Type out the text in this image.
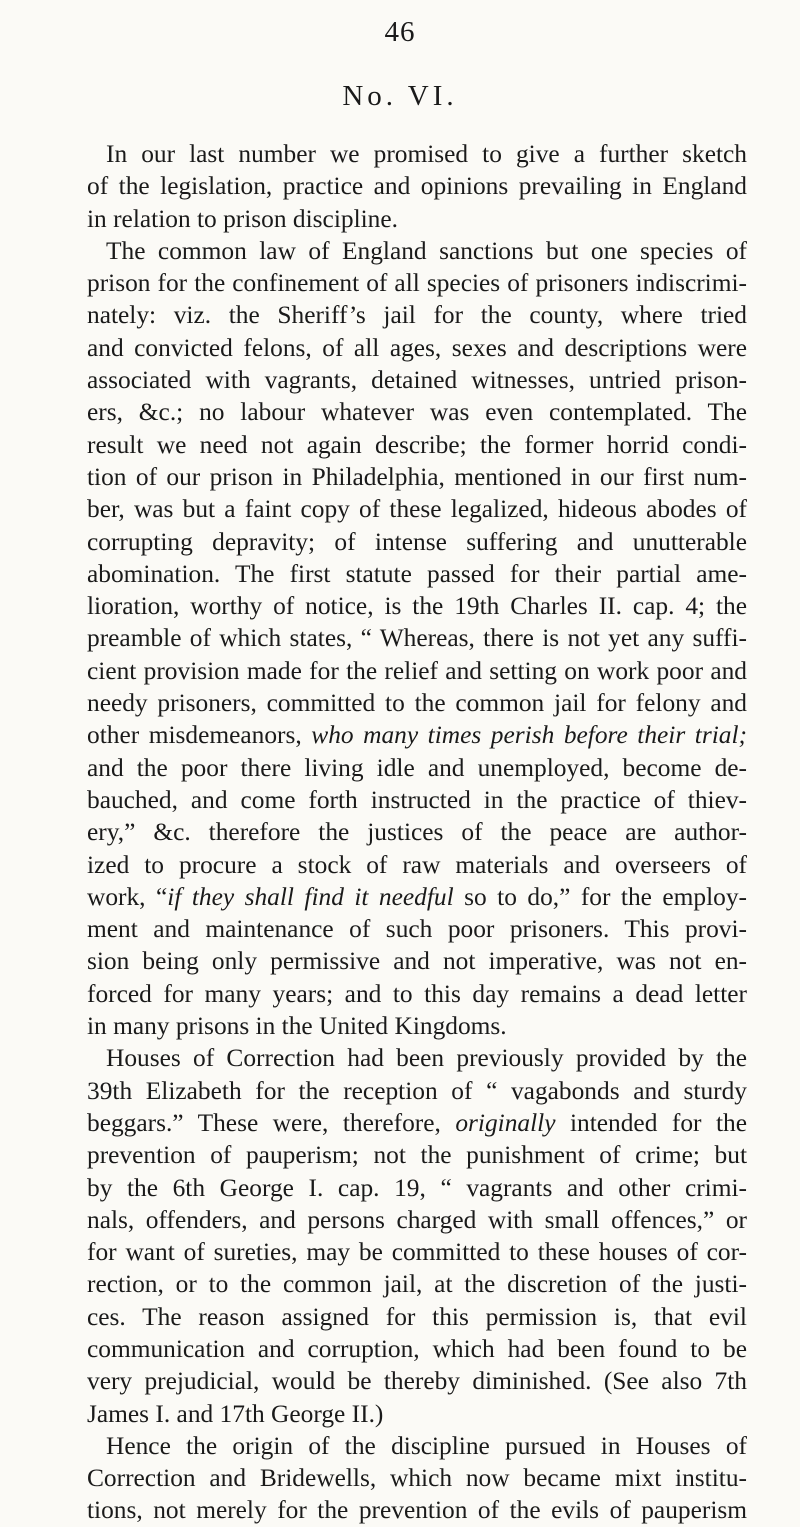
46
No. VI.
In our last number we promised to give a further sketch
of the legislation, practice and opinions prevailing in England
in relation to prison discipline.
The common law of England sanctions but one species of
prison for the confinement of all species of prisoners indiscrimi-
nately: viz. the Sheriff’s jail for the county, where tried
and convicted felons, of all ages, sexes and descriptions were
associated with vagrants, detained witnesses, untried prison-
ers, &c.; no labour whatever was even contemplated. The
result we need not again describe; the former horrid condi-
tion of our prison in Philadelphia, mentioned in our first num-
ber, was but a faint copy of these legalized, hideous abodes of
corrupting depravity; of intense suffering and unutterable
abomination. The first statute passed for their partial ame-
lioration, worthy of notice, is the 19th Charles II. cap. 4; the
preamble of which states, “ Whereas, there is not yet any suffi-
cient provision made for the relief and setting on work poor and
needy prisoners, committed to the common jail for felony and
other misdemeanors, who many times perish before their trial;
and the poor there living idle and unemployed, become de-
bauched, and come forth instructed in the practice of thiev-
ery,” &c. therefore the justices of the peace are author-
ized to procure a stock of raw materials and overseers of
work, “if they shall find it needful so to do,” for the employ-
ment and maintenance of such poor prisoners. This provi-
sion being only permissive and not imperative, was not en-
forced for many years; and to this day remains a dead letter
in many prisons in the United Kingdoms.
Houses of Correction had been previously provided by the
39th Elizabeth for the reception of “ vagabonds and sturdy
beggars.” These were, therefore, originally intended for the
prevention of pauperism; not the punishment of crime; but
by the 6th George I. cap. 19, “ vagrants and other crimi-
nals, offenders, and persons charged with small offences,” or
for want of sureties, may be committed to these houses of cor-
rection, or to the common jail, at the discretion of the justi-
ces. The reason assigned for this permission is, that evil
communication and corruption, which had been found to be
very prejudicial, would be thereby diminished. (See also 7th
James I. and 17th George II.)
Hence the origin of the discipline pursued in Houses of
Correction and Bridewells, which now became mixt institu-
tions, not merely for the prevention of the evils of pauperism
